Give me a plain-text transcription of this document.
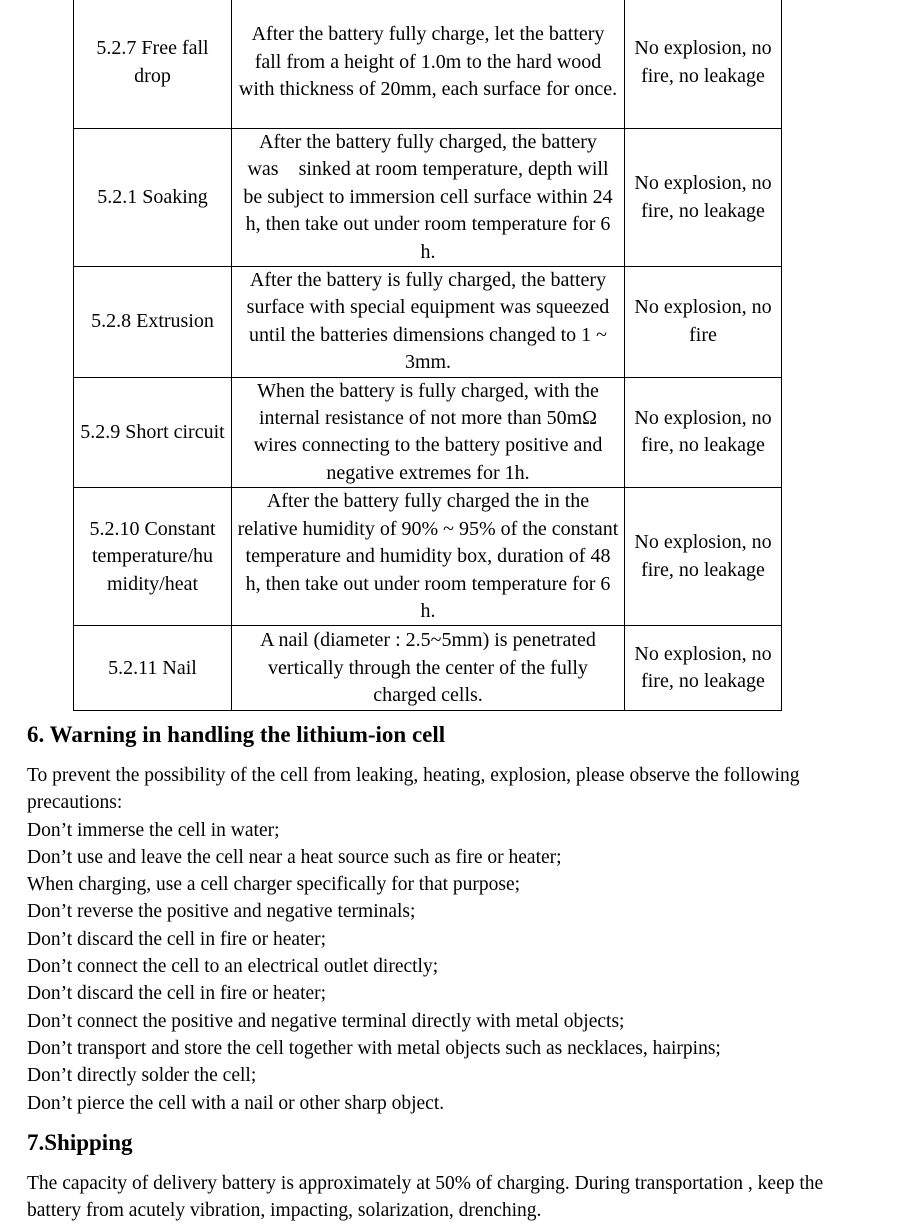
5.2.7 Free fall drop	After the battery fully charge, let the battery fall from a height of 1.0m to the hard wood with thickness of 20mm, each surface for once.	No explosion, no fire, no leakage
5.2.1 Soaking	After the battery fully charged, the battery was sinked at room temperature, depth will be subject to immersion cell surface within 24 h, then take out under room temperature for 6 h.	No explosion, no fire, no leakage
5.2.8 Extrusion	After the battery is fully charged, the battery surface with special equipment was squeezed until the batteries dimensions changed to 1 ~ 3mm.	No explosion, no fire
5.2.9 Short circuit	When the battery is fully charged, with the internal resistance of not more than 50mΩ wires connecting to the battery positive and negative extremes for 1h.	No explosion, no fire, no leakage
5.2.10 Constant temperature/hu midity/heat	After the battery fully charged the in the relative humidity of 90% ~ 95% of the constant temperature and humidity box, duration of 48 h, then take out under room temperature for 6 h.	No explosion, no fire, no leakage
5.2.11 Nail	A nail (diameter : 2.5~5mm) is penetrated vertically through the center of the fully charged cells.	No explosion, no fire, no leakage
6. Warning in handling the lithium-ion cell

To prevent the possibility of the cell from leaking, heating, explosion, please observe the following precautions:

Don’t immerse the cell in water;

Don’t use and leave the cell near a heat source such as fire or heater;

When charging, use a cell charger specifically for that purpose;

Don’t reverse the positive and negative terminals;

Don’t discard the cell in fire or heater;

Don’t connect the cell to an electrical outlet directly;

Don’t discard the cell in fire or heater;

Don’t connect the positive and negative terminal directly with metal objects;

Don’t transport and store the cell together with metal objects such as necklaces, hairpins;

Don’t directly solder the cell;

Don’t pierce the cell with a nail or other sharp object.

7.Shipping

The capacity of delivery battery is approximately at 50% of charging. During transportation , keep the battery from acutely vibration, impacting, solarization, drenching.
